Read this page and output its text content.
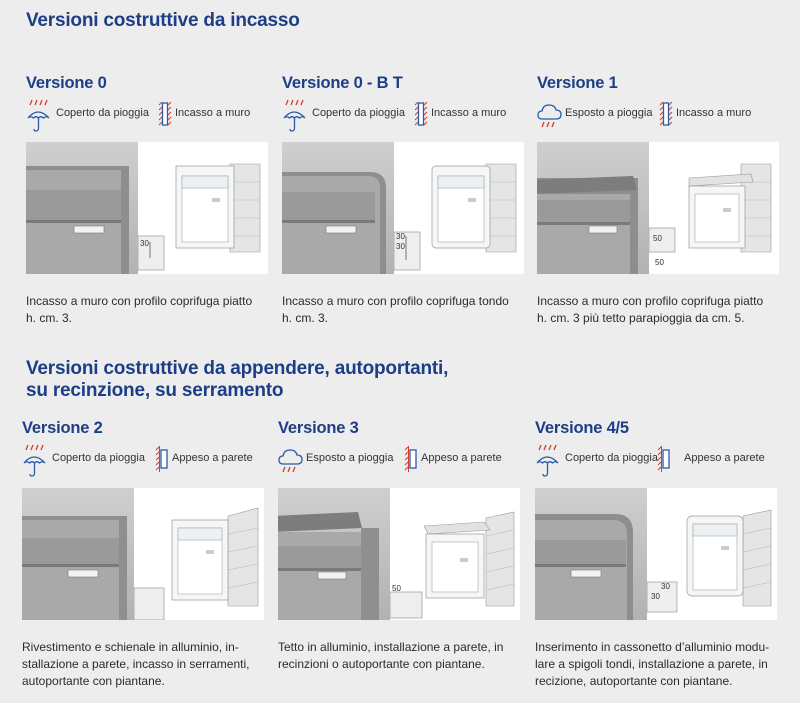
Versioni costruttive da incasso
Versioni costruttive da appendere, autoportanti,
su recinzione, su serramento
Versione 0
Coperto da pioggia Incasso a muro
30
Incasso a muro con profilo coprifuga piatto
h. cm. 3.
Versione 0 - B T
Coperto da pioggia Incasso a muro
30
30
Incasso a muro con profilo coprifuga tondo
h. cm. 3.
Versione 1
Esposto a pioggia Incasso a muro
50
50
Incasso a muro con profilo coprifuga piatto
h. cm. 3 più tetto parapioggia da cm. 5.
Versione 2
Coperto da pioggia Appeso a parete
Rivestimento e schienale in alluminio, in-
stallazione a parete, incasso in serramenti,
autoportante con piantane.
Versione 3
Esposto a pioggia	Appeso a parete
50
Tetto in alluminio, installazione a parete, in
recinzioni o autoportante con piantane.
Versione 4/5
Coperto da pioggia Appeso a parete
30
30
Inserimento in cassonetto d’alluminio modu-
lare a spigoli tondi, installazione a parete, in
recizione, autoportante con piantane.
